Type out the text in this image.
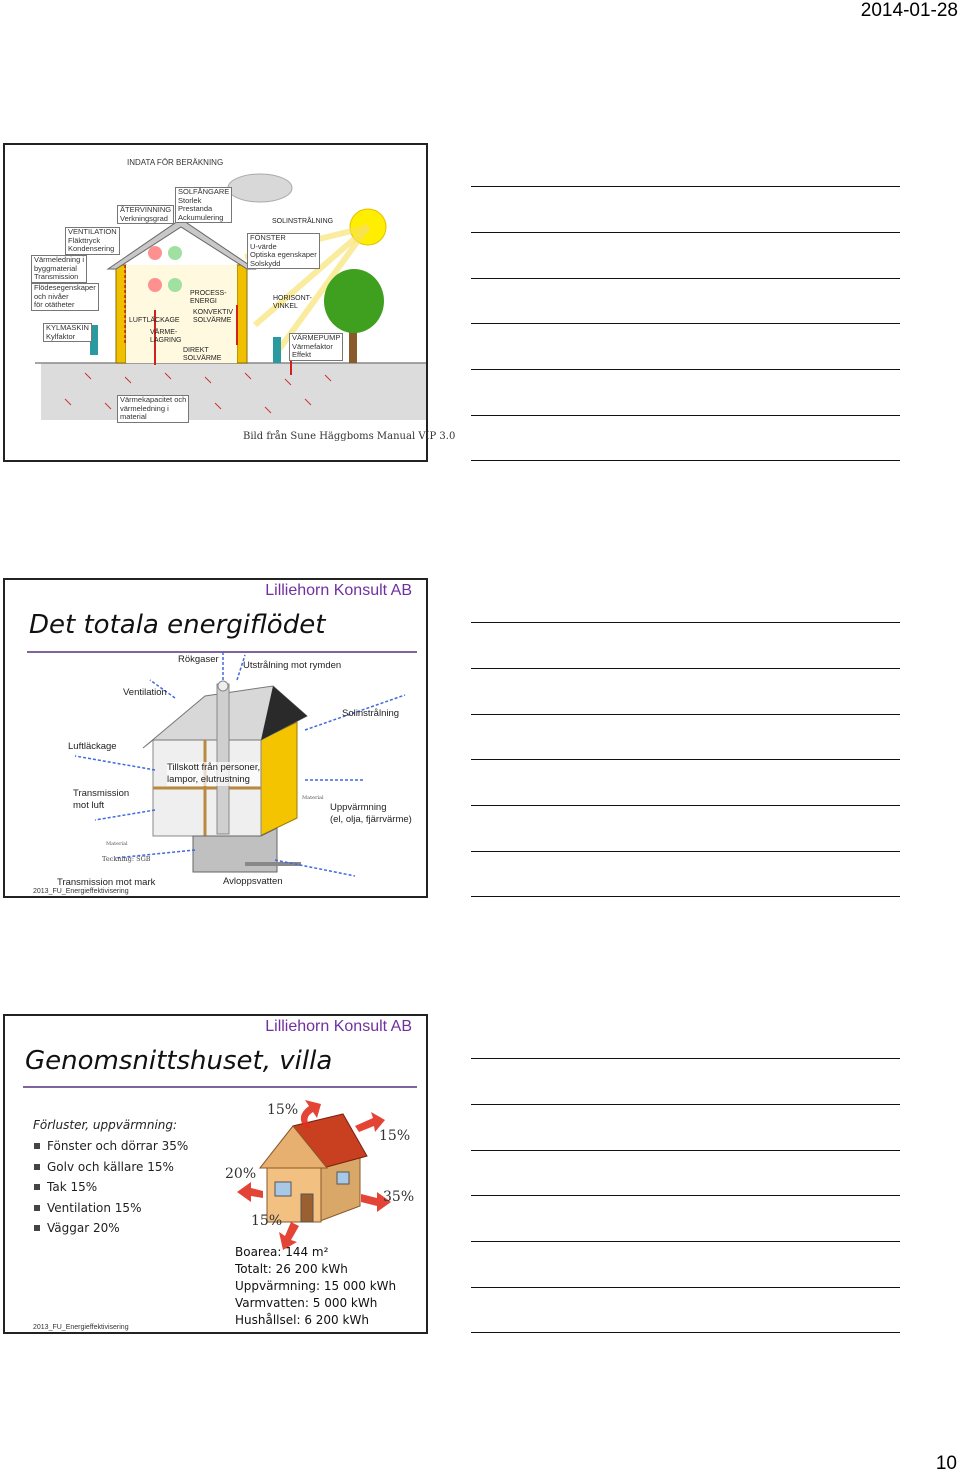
2014-01-28
INDATA FÖR BERÄKNING
SOLFÅNGARE
Storlek
Prestanda
Ackumulering
ÅTERVINNING
Verkningsgrad
VENTILATION
Fläkttryck
Kondensering
Värmeledning i
byggmaterial
Transmission
Flödesegenskaper
och nivåer
för otätheter
KYLMASKIN
Kylfaktor
SOLINSTRÅLNING
FÖNSTER
U-värde
Optiska egenskaper
Solskydd
PROCESS-
ENERGI
KONVEKTIV
SOLVÄRME
LUFTLÄCKAGE
VÄRME-
LAGRING
DIREKT
SOLVÄRME
HORISONT-
VINKEL
VÄRMEPUMP
Värmefaktor
Effekt
Värmekapacitet och
värmeledning i
material
Bild från Sune Häggboms Manual VIP 3.0
Lilliehorn Konsult AB
Det totala energiflödet
Rökgaser
Utstrålning mot rymden
Ventilation
Solinstrålning
Luftläckage
Transmission
mot luft
Tillskott från personer,
lampor, elutrustning
Uppvärmning
(el, olja, fjärrvärme)
Material
Material
Teckning: SGB
Transmission mot mark	Avloppsvatten
2013_FU_Energieffektivisering
Lilliehorn Konsult AB
Genomsnittshuset, villa
Förluster, uppvärmning:
Fönster och dörrar 35%
Golv och källare 15%
Tak 15%
Ventilation 15%
Väggar 20%
15%
15%
20%
35%
15%
Boarea: 144 m²
Totalt: 26 200 kWh
Uppvärmning: 15 000 kWh
Varmvatten: 5 000 kWh
Hushållsel: 6 200 kWh
2013_FU_Energieffektivisering
10
